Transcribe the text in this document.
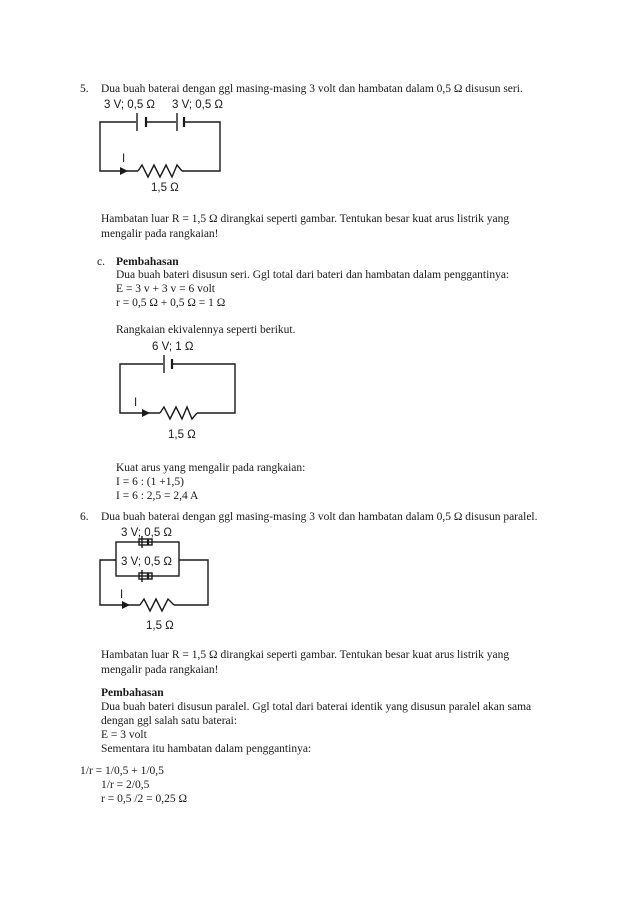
5. Dua buah baterai dengan ggl masing-masing 3 volt dan hambatan dalam 0,5 Ω disusun seri.
3 V; 0,5 Ω 3 V; 0,5 Ω
I
1,5 Ω
Hambatan luar R = 1,5 Ω dirangkai seperti gambar. Tentukan besar kuat arus listrik yang
mengalir pada rangkaian!
c. Pembahasan
Dua buah bateri disusun seri. Ggl total dari bateri dan hambatan dalam penggantinya:
E = 3 v + 3 v = 6 volt
r = 0,5 Ω + 0,5 Ω = 1 Ω
Rangkaian ekivalennya seperti berikut.
6 V; 1 Ω
I
1,5 Ω
Kuat arus yang mengalir pada rangkaian:
I = 6 : (1 +1,5)
I = 6 : 2,5 = 2,4 A
6. Dua buah baterai dengan ggl masing-masing 3 volt dan hambatan dalam 0,5 Ω disusun paralel.
3 V; 0,5 Ω
3 V; 0,5 Ω
I
1,5 Ω
Hambatan luar R = 1,5 Ω dirangkai seperti gambar. Tentukan besar kuat arus listrik yang
mengalir pada rangkaian!
Pembahasan
Dua buah bateri disusun paralel. Ggl total dari baterai identik yang disusun paralel akan sama
dengan ggl salah satu baterai:
E = 3 volt
Sementara itu hambatan dalam penggantinya:
1/r = 1/0,5 + 1/0,5
1/r = 2/0,5
r = 0,5 /2 = 0,25 Ω
